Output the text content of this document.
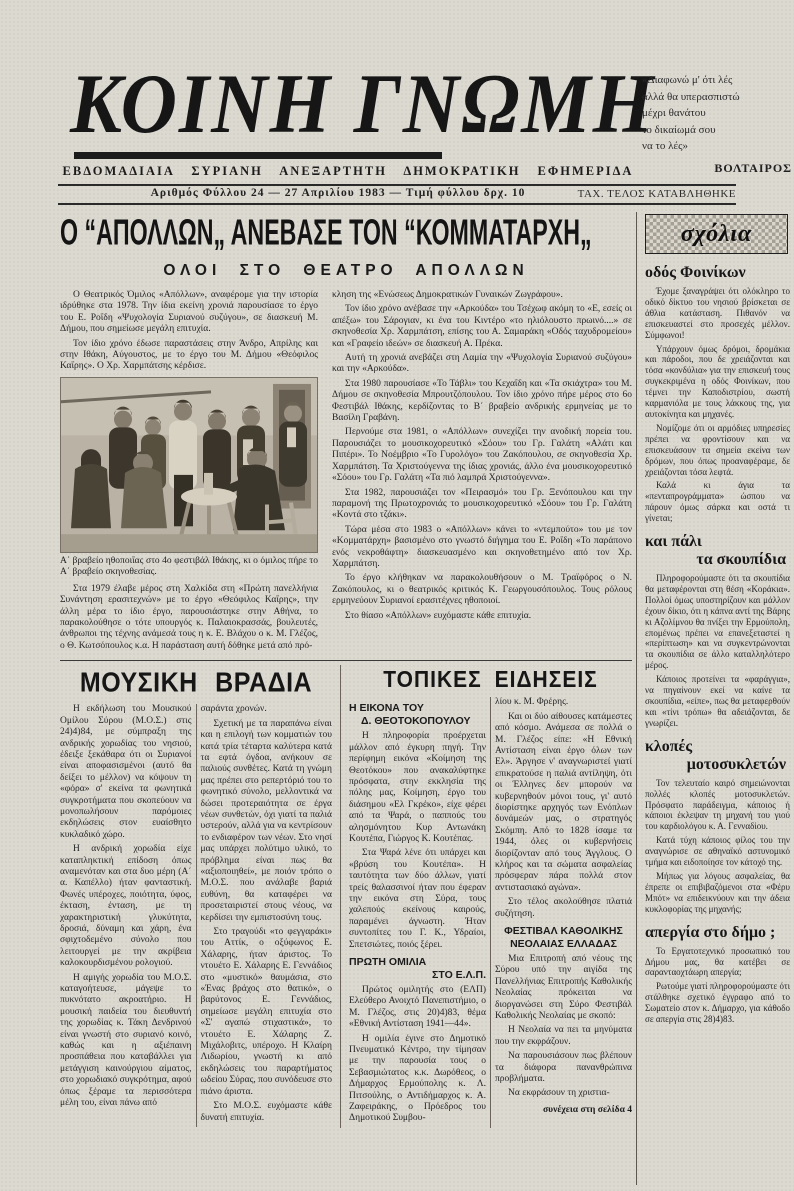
ΚΟΙΝΗ ΓΝΩΜΗ
«Διαφωνώ μ' ότι λές
αλλά θα υπερασπιστώ
μέχρι θανάτου
το δικαίωμά σου
να το λές»
ΒΟΛΤΑΙΡΟΣ
ΕΒΔΟΜΑΔΙΑΙΑ ΣΥΡΙΑΝΗ ΑΝΕΞΑΡΤΗΤΗ ΔΗΜΟΚΡΑΤΙΚΗ ΕΦΗΜΕΡΙΔΑ
Αριθμός Φύλλου 24 — 27 Απριλίου 1983 — Τιμή φύλλου δρχ. 10	ΤΑΧ. ΤΕΛΟΣ ΚΑΤΑΒΛΗΘΗΚΕ
Ο “ΑΠΟΛΛΩΝ„ ΑΝΕΒΑΣΕ ΤΟΝ “ΚΟΜΜΑΤΑΡΧΗ„
ΟΛΟΙ ΣΤΟ ΘΕΑΤΡΟ ΑΠΟΛΛΩΝ

Ο Θεατρικός Όμιλος «Απόλλων», αναφέρομε για την ιστορία ιδρύθηκε στα 1978. Την ίδια εκείνη χρονιά παρουσίασε το έργο του Ε. Ροΐδη «Ψυχολογία Συριανού συζύγου», σε διασκευή Μ. Δήμου, που σημείωσε μεγάλη επιτυχία.

Τον ίδιο χρόνο έδωσε παραστάσεις στην Άνδρο, Απρίλης και στην Ιθάκη, Αύγουστος, με το έργο του Μ. Δήμου «Θεόφιλος Καΐρης». Ο Χρ. Χαρμπάτσης κέρδισε.

Α΄ βραβείο ηθοποιΐας στο 4ο φεστιβάλ Ιθάκης, κι ο όμιλος πήρε το Α΄ βραβείο σκηνοθεσίας.

Στα 1979 έλαβε μέρος στη Χαλκίδα στη «Πρώτη πανελλήνια Συνάντηση ερασιτεχνών» με το έργο «Θεόφιλος Καΐρης», την άλλη μέρα το ίδιο έργο, παρουσιάστηκε στην Αθήνα, το παρακολούθησε ο τότε υπουργός κ. Παλαιοκρασσάς, βουλευτές, άνθρωποι της τέχνης ανάμεσά τους η κ. Ε. Βλάχου ο κ. Μ. Γλέζος, ο Θ. Κωτσόπουλος κ.α. Η παράσταση αυτή δόθηκε μετά από πρό-

κληση της «Ενώσεως Δημοκρατικών Γυναικών Ζωγράφου».

Τον ίδιο χρόνο ανέβασε την «Αρκούδα» του Τσέχωφ ακόμη το «Ε, εσείς οι απέξω» του Σάρογιαν, κι ένα του Κιντέρο «το ηλιόλουστο πρωινό....» σε σκηνοθεσία Χρ. Χαρμπάτση, επίσης του Α. Σαμαράκη «Οδός ταχυδρομείου» και «Γραφείο ιδεών» σε διασκευή Α. Πρέκα.

Αυτή τη χρονιά ανεβάζει στη Λαμία την «Ψυχολογία Συριανού συζύγου» και την «Αρκούδα».

Στα 1980 παρουσίασε «Το Τάβλι» του Κεχαΐδη και «Τα σκιάχτρα» του Μ. Δήμου σε σκηνοθεσία Μπρουτζόπουλου. Τον ίδιο χρόνο πήρε μέρος στο 6ο Φεστιβάλ Ιθάκης, κερδίζοντας το Β΄ βραβείο ανδρικής ερμηνείας με το Βασίλη Γραβάνη.

Περνούμε στα 1981, ο «Απόλλων» συνεχίζει την ανοδική πορεία του. Παρουσιάζει το μουσικοχορευτικό «Σόου» του Γρ. Γαλάτη «Αλάτι και Πιπέρι». Το Νοέμβριο «Το Γυρολόγο» του Ζακόπουλου, σε σκηνοθεσία Χρ. Χαρμπάτση. Τα Χριστούγεννα της ίδιας χρονιάς, άλλο ένα μουσικοχορευτικό «Σόου» του Γρ. Γαλάτη «Τα πιό λαμπρά Χριστούγεννα».

Στα 1982, παρουσιάζει τον «Πειρασμό» του Γρ. Ξενόπουλου και την παραμονή της Πρωτοχρονιάς το μουσικοχορευτικό «Σόου» του Γρ. Γαλάτη «Κοντά στο τζάκι».

Τώρα μέσα στο 1983 ο «Απόλλων» κάνει το «ντεμπούτο» του με τον «Κομματάρχη» βασισμένο στο γνωστό διήγημα του Ε. Ροΐδη «Το παράπονο ενός νεκροθάφτη» διασκευασμένο και σκηνοθετημένο από τον Χρ. Χαρμπάτση.

Το έργο κλήθηκαν να παρακολουθήσουν ο Μ. Τραϊφόρος ο Ν. Ζακόπουλος, κι ο θεατρικός κριτικός Κ. Γεωργουσόπουλος. Τους ρόλους ερμηνεύουν Συριανοί ερασιτέχνες ηθοποιοί.

Στο θίασο «Απόλλων» ευχόμαστε κάθε επιτυχία.

ΜΟΥΣΙΚΗ ΒΡΑΔΙΑ

Η εκδήλωση του Μουσικού Ομίλου Σύρου (Μ.Ο.Σ.) στις 24)4)84, με σύμπραξη της ανδρικής χορωδίας του νησιού, έδειξε ξεκάθαρα ότι οι Συριανοί είναι αποφασισμένοι (αυτό θα δείξει το μέλλον) να κόψουν τη «φόρα» σ' εκείνα τα φωνητικά συγκροτήματα που σκοπεύουν να μονοπωλήσουν παρόμοιες εκδηλώσεις στον ευαίσθητο κυκλαδικό χώρο.

Η ανδρική χορωδία είχε καταπληκτική επίδοση όπως αναμενόταν και στα δυο μέρη (Α΄ α. Καπέλλο) ήταν φανταστική. Φωνές υπέροχες, ποιότητα, ύφος, έκταση, ένταση, με τη χαρακτηριστική γλυκύτητα, δροσιά, δύναμη και χάρη, ένα σφιχτοδεμένο σύνολο που λειτουργεί με την ακρίβεια καλοκουρδισμένου ρολογιού.

Η αμιγής χορωδία του Μ.Ο.Σ. καταγοήτευσε, μάγεψε το πυκνότατο ακροατήριο. Η μουσική παιδεία του διευθυντή της χορωδίας κ. Τάκη Δενδρινού είναι γνωστή στο συριανό κοινό, καθώς και η αξιέπαινη προσπάθεια που καταβάλλει για μετάγγιση καινούργιου αίματος, στο χορωδιακό συγκρότημα, αφού όπως ξέραμε τα περισσότερα μέλη του, είναι πάνω από

σαράντα χρονών.

Σχετική με τα παραπάνω είναι και η επιλογή των κομματιών του κατά τρία τέταρτα καλύτερα κατά τα εφτά όγδοα, ανήκουν σε παλιούς συνθέτες. Κατά τη γνώμη μας πρέπει στο ρεπερτόριό του το φωνητικό σύνολο, μελλοντικά να δώσει προτεραιότητα σε έργα νέων συνθετών, όχι γιατί τα παλιά υστερούν, αλλά για να κεντρίσουν το ενδιαφέρον των νέων. Στο νησί μας υπάρχει πολύτιμο υλικό, το πρόβλημα είναι πως θα «αξιοποιηθεί», με ποιόν τρόπο ο Μ.Ο.Σ. που ανάλαβε βαριά ευθύνη, θα καταφέρει να προσεταιριστεί στους νέους, να κερδίσει την εμπιστοσύνη τους.

Στο τραγούδι «το φεγγαράκι» του Αττίκ, ο οξύφωνος Ε. Χάλαρης, ήταν άριστος. Το ντουέτο Ε. Χάλαρης Ε. Γεννάδιος στο «μυστικό» θαυμάσια, στο «Ένας βράχος στο θατικό», ο βαρύτονος Ε. Γεννάδιος, σημείωσε μεγάλη επιτυχία στο «Σ' αγαπώ στιχαστικά», το ντουέτο Ε. Χάλαρης Ζ. Μιχάλοβιτς, υπέροχο. Η Κλαίρη Λιδωρίου, γνωστή κι από εκδηλώσεις του παραρτήματος ωδείου Σύρας, που συνόδευσε στο πιάνο άριστα.

Στο Μ.Ο.Σ. ευχόμαστε κάθε δυνατή επιτυχία.

ΤΟΠΙΚΕΣ ΕΙΔΗΣΕΙΣ
Η ΕΙΚΟΝΑ ΤΟΥ
Δ. ΘΕΟΤΟΚΟΠΟΥΛΟΥ

Η πληροφορία προέρχεται μάλλον από έγκυρη πηγή. Την περίφημη εικόνα «Κοίμηση της Θεοτόκου» που ανακαλύφτηκε πρόσφατα, στην εκκλησία της πόλης μας, Κοίμηση, έργο του διάσημου «Ελ Γκρέκο», είχε φέρει από τα Ψαρά, ο παππούς του αλησμόνητου Κυρ Αντωνάκη Κουτέπα, Γιώργος Κ. Κουτέπας.

Στα Ψαρά λένε ότι υπάρχει και «βρύση του Κουτέπα». Η ταυτότητα των δύο άλλων, γιατί τρείς θαλασσινοί ήταν που έφεραν την εικόνα στη Σύρα, τους χαλεπούς εκείνους καιρούς, παραμένει άγνωστη. Ήταν συντοπίτες του Γ. Κ., Υδραίοι, Σπετσιώτες, ποιός ξέρει.

ΠΡΩΤΗ ΟΜΙΛΙΑ
ΣΤΟ Ε.Λ.Π.

Πρώτος ομιλητής στο (ΕΛΠ) Ελεύθερο Ανοιχτό Πανεπιστήμιο, ο Μ. Γλέζος, στις 20)4)83, θέμα «Εθνική Αντίσταση 1941—44».

Η ομιλία έγινε στο Δημοτικό Πνευματικό Κέντρο, την τίμησαν με την παρουσία τους ο Σεβασμιώτατος κ.κ. Δωρόθεος, ο Δήμαρχος Ερμούπολης κ. Λ. Πιτσούλης, ο Αντιδήμαρχος κ. Α. Ζαφειράκης, ο Πρόεδρος του Δημοτικού Συμβου-

λίου κ. Μ. Φρέρης.

Και οι δύο αίθουσες κατάμεστες από κόσμο. Ανάμεσα σε πολλά ο Μ. Γλέζος είπε: «Η Εθνική Αντίσταση είναι έργο όλων των Ελ». Άργησε ν' αναγνωριστεί γιατί επικρατούσε η παλιά αντίληψη, ότι οι Έλληνες δεν μπορούν να κυβερνηθούν μόνοι τους, γι' αυτό διορίστηκε αρχηγός των Ενόπλων δυνάμεών μας, ο στρατηγός Σκόμπη. Από το 1828 ίσαμε τα 1944, όλες οι κυβερνήσεις διορίζονταν από τους Άγγλους. Ο κλήρος και τα σώματα ασφαλείας πρόσφεραν πάρα πολλά στον αντιστασιακό αγώνα».

Στο τέλος ακολούθησε πλατιά συζήτηση.

ΦΕΣΤΙΒΑΛ ΚΑΘΟΛΙΚΗΣ
ΝΕΟΛΑΙΑΣ ΕΛΛΑΔΑΣ

Μια Επιτροπή από νέους της Σύρου υπό την αιγίδα της Πανελλήνιας Επιτροπής Καθολικής Νεολαίας πρόκειται να διοργανώσει στη Σύρο Φεστιβάλ Καθολικής Νεολαίας με σκοπό:

Η Νεολαία να πει τα μηνύματα που την εκφράζουν.

Να παρουσιάσουν πως βλέπουν τα διάφορα πανανθρώπινα προβλήματα.

Να εκφράσουν τη χριστια-

συνέχεια στη σελίδα 4
σχόλια
οδός Φοινίκων

Έχομε ξαναγράψει ότι ολόκληρο το οδικό δίκτυο του νησιού βρίσκεται σε άθλια κατάσταση. Πιθανόν να επισκευαστεί στο προσεχές μέλλον. Σύμφωνοι!

Υπάρχουν όμως δρόμοι, δρομάκια και πάροδοι, που δε χρειάζονται και τόσα «κονδύλια» για την επισκευή τους συγκεκριμένα η οδός Φοινίκων, που τέμνει την Καποδιστρίου, σωστή καρμανιόλα με τους λάκκους της, για αυτοκίνητα και μηχανές.

Νομίζομε ότι οι αρμόδιες υπηρεσίες πρέπει να φροντίσουν και να επισκευάσουν τα σημεία εκείνα των δρόμων, που όπως προαναφέραμε, δε χρειάζονται τόσα λεφτά.

Καλά κι άγια τα «πενταπρογράμματα» ώσπου να πάρουν όμως σάρκα και οστά τι γίνεται;

και πάλι
τα σκουπίδια

Πληροφορούμαστε ότι τα σκουπίδια θα μεταφέρονται στη θέση «Κοράκια». Πολλοί όμως υποστηρίζουν και μάλλον έχουν δίκιο, ότι η κάπνα αντί της Βάρης κι Αζολίμνου θα πνίξει την Ερμούπολη, επομένως πρέπει να επανεξεταστεί η «περίπτωση» και να συγκεντρώνονται τα σκουπίδια σε άλλο καταλληλότερο μέρος.

Κάποιος προτείνει τα «φαράγγια», να πηγαίνουν εκεί να καίνε τα σκουπίδια, «είπε», πως θα μεταφερθούν και «τίνι τρόπω» θα αδειάζονται, δε γνωρίζει.

κλοπές
μοτοσυκλετών

Τον τελευταίο καιρό σημειώνονται πολλές κλοπές μοτοσυκλετών. Πρόσφατο παράδειγμα, κάποιος ή κάποιοι έκλεψαν τη μηχανή του γιού του καρδιολόγου κ. Α. Γενναδίου.

Κατά τύχη κάποιος φίλος του την αναγνώρισε σε αθηναϊκό αστυνομικό τμήμα και ειδοποίησε τον κάτοχό της.

Μήπως για λόγους ασφαλείας, θα έπρεπε οι επιβιβαζόμενοι στα «Φέρυ Μπότ» να επιδεικνύουν και την άδεια κυκλοφορίας της μηχανής;

απεργία στο δήμο ;

Το Εργατοτεχνικό προσωπικό του Δήμου μας, θα κατέβει σε σαρανταοχτάωρη απεργία;

Ρωτούμε γιατί πληροφορούμαστε ότι στάλθηκε σχετικό έγγραφο από το Σωματείο στον κ. Δήμαρχο, για κάθοδο σε απεργία στις 28)4)83.
